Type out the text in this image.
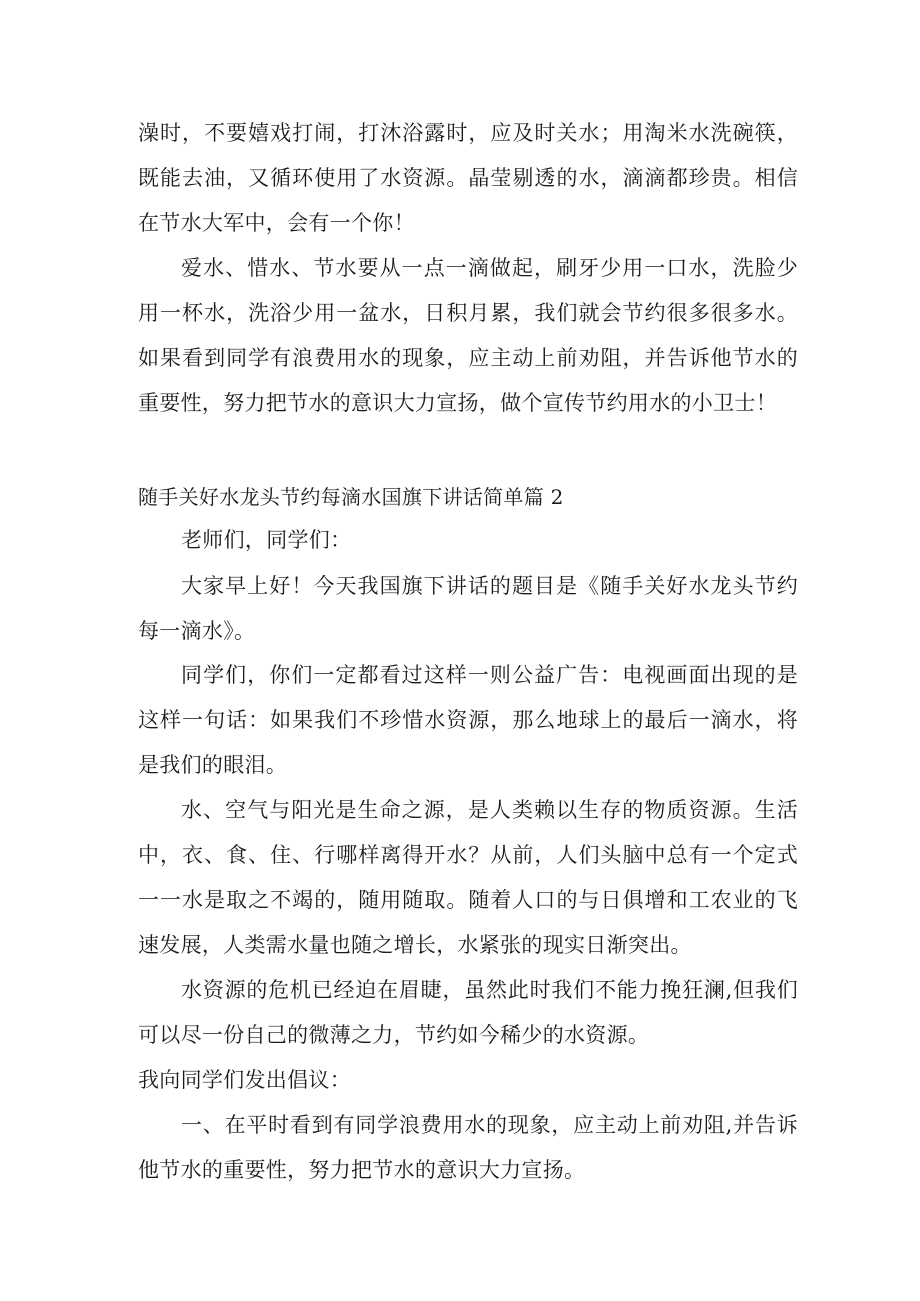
澡时，不要嬉戏打闹，打沐浴露时，应及时关水；用淘米水洗碗筷，既能去油，又循环使用了水资源。晶莹剔透的水，滴滴都珍贵。相信在节水大军中，会有一个你！

爱水、惜水、节水要从一点一滴做起，刷牙少用一口水，洗脸少用一杯水，洗浴少用一盆水，日积月累，我们就会节约很多很多水。如果看到同学有浪费用水的现象，应主动上前劝阻，并告诉他节水的重要性，努力把节水的意识大力宣扬，做个宣传节约用水的小卫士！

随手关好水龙头节约每滴水国旗下讲话简单篇 2

老师们，同学们：

大家早上好！今天我国旗下讲话的题目是《随手关好水龙头节约每一滴水》。

同学们，你们一定都看过这样一则公益广告：电视画面出现的是这样一句话：如果我们不珍惜水资源，那么地球上的最后一滴水，将是我们的眼泪。

水、空气与阳光是生命之源，是人类赖以生存的物质资源。生活中，衣、食、住、行哪样离得开水？从前，人们头脑中总有一个定式一一水是取之不竭的，随用随取。随着人口的与日俱增和工农业的飞速发展，人类需水量也随之增长，水紧张的现实日渐突出。

水资源的危机已经迫在眉睫，虽然此时我们不能力挽狂澜,但我们可以尽一份自己的微薄之力，节约如今稀少的水资源。

我向同学们发出倡议：

一、在平时看到有同学浪费用水的现象，应主动上前劝阻,并告诉他节水的重要性，努力把节水的意识大力宣扬。
